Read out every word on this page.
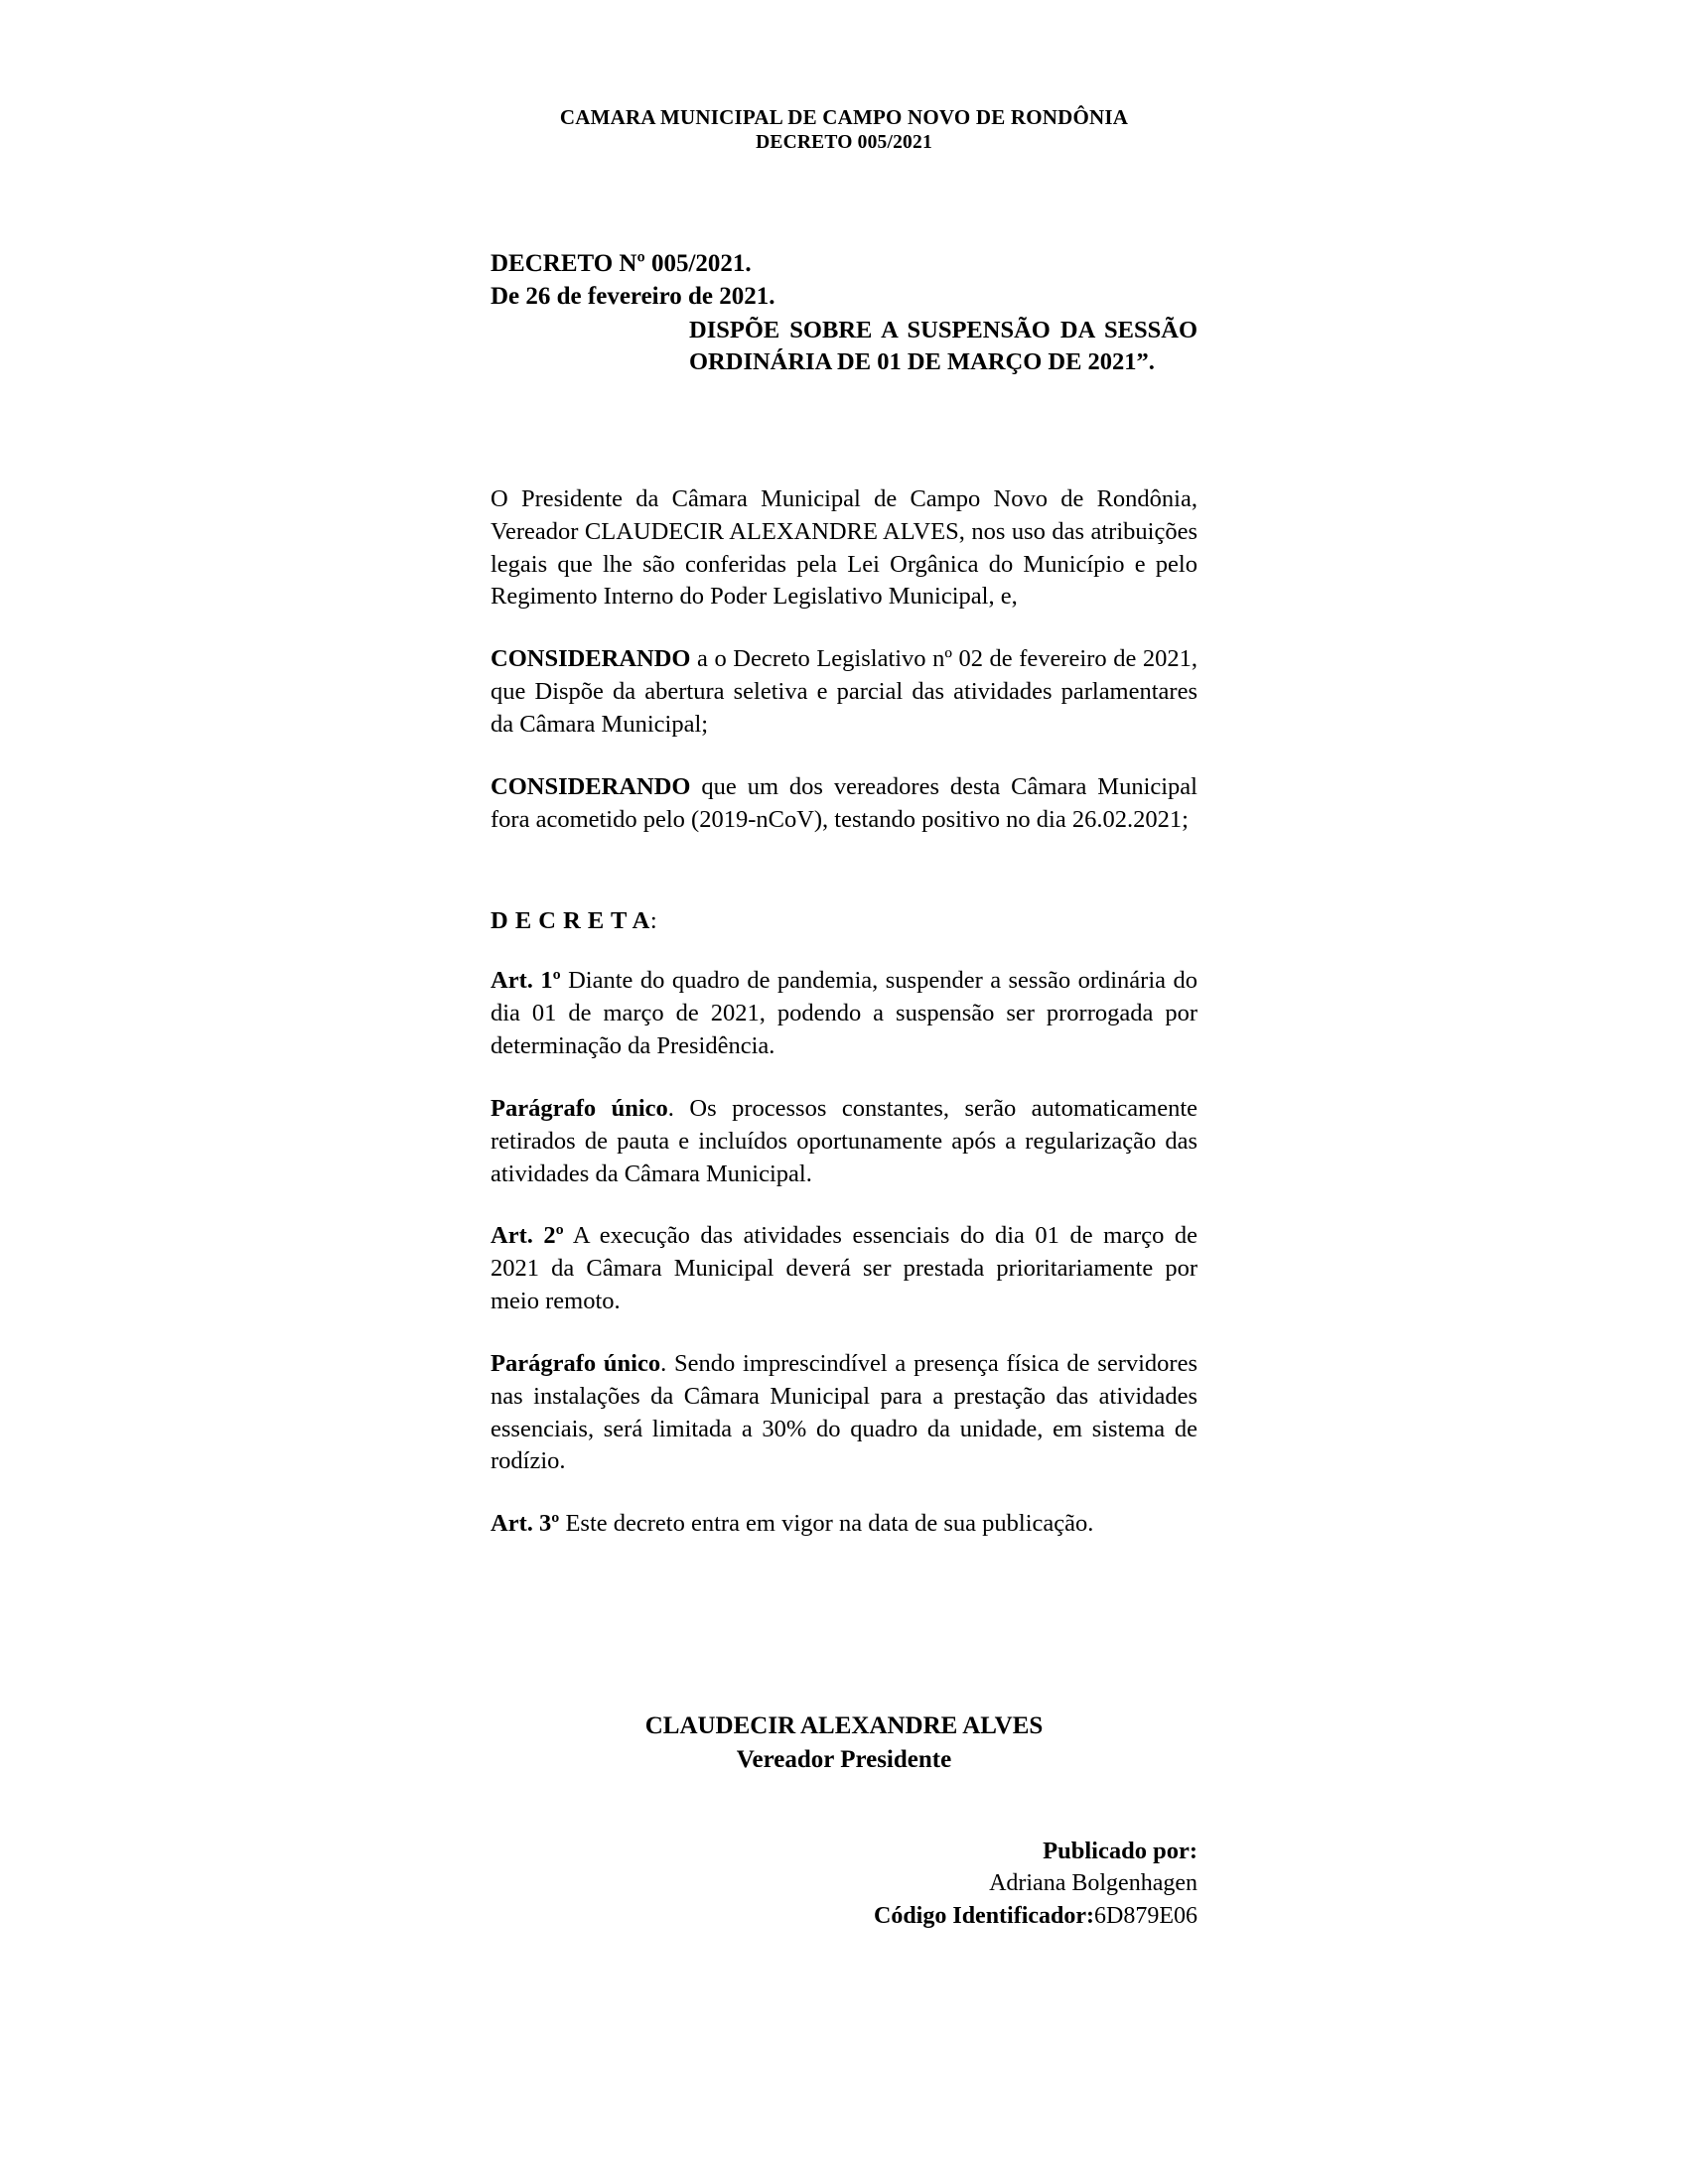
CAMARA MUNICIPAL DE CAMPO NOVO DE RONDÔNIA
DECRETO 005/2021
DECRETO Nº 005/2021.
De 26 de fevereiro de 2021.
DISPÕE SOBRE A SUSPENSÃO DA SESSÃO ORDINÁRIA DE 01 DE MARÇO DE 2021”.
O Presidente da Câmara Municipal de Campo Novo de Rondônia, Vereador CLAUDECIR ALEXANDRE ALVES, nos uso das atribuições legais que lhe são conferidas pela Lei Orgânica do Município e pelo Regimento Interno do Poder Legislativo Municipal, e,
CONSIDERANDO a o Decreto Legislativo nº 02 de fevereiro de 2021, que Dispõe da abertura seletiva e parcial das atividades parlamentares da Câmara Municipal;
CONSIDERANDO que um dos vereadores desta Câmara Municipal fora acometido pelo (2019-nCoV), testando positivo no dia 26.02.2021;
D E C R E T A:
Art. 1º Diante do quadro de pandemia, suspender a sessão ordinária do dia 01 de março de 2021, podendo a suspensão ser prorrogada por determinação da Presidência.
Parágrafo único. Os processos constantes, serão automaticamente retirados de pauta e incluídos oportunamente após a regularização das atividades da Câmara Municipal.
Art. 2º A execução das atividades essenciais do dia 01 de março de 2021 da Câmara Municipal deverá ser prestada prioritariamente por meio remoto.
Parágrafo único. Sendo imprescindível a presença física de servidores nas instalações da Câmara Municipal para a prestação das atividades essenciais, será limitada a 30% do quadro da unidade, em sistema de rodízio.
Art. 3º Este decreto entra em vigor na data de sua publicação.
CLAUDECIR ALEXANDRE ALVES
Vereador Presidente
Publicado por:
Adriana Bolgenhagen
Código Identificador:6D879E06
